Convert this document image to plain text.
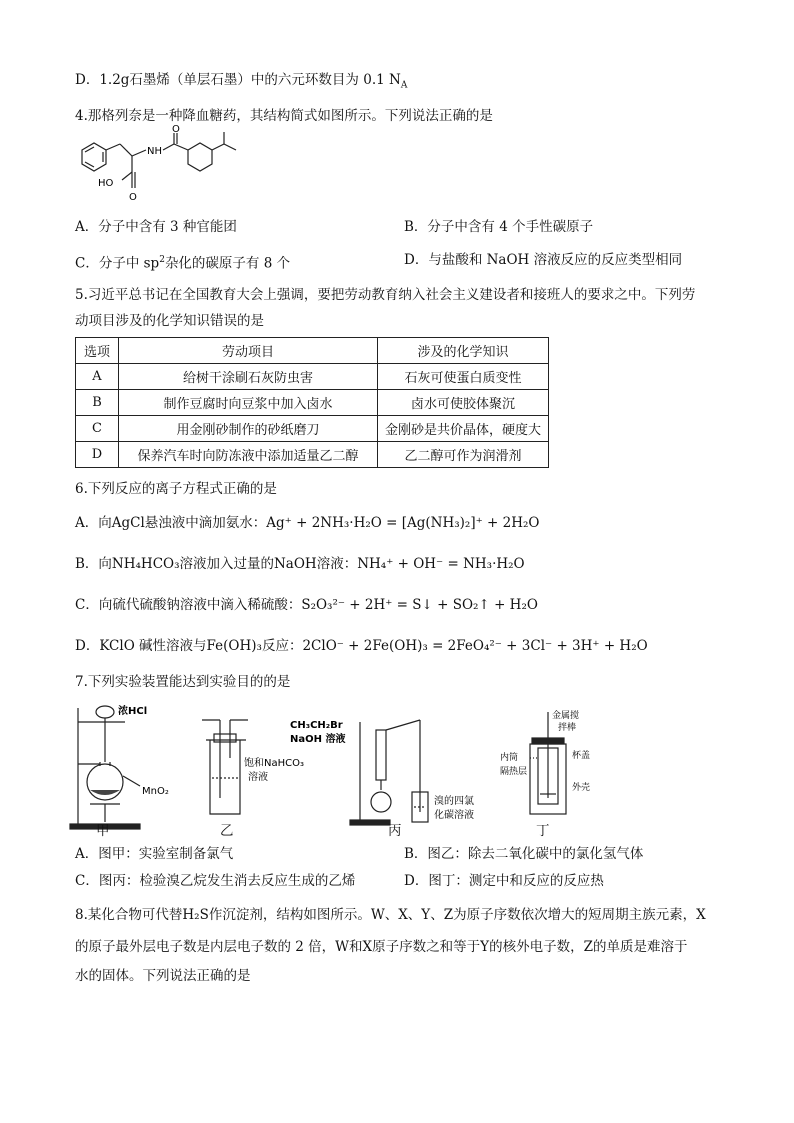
D．1.2g石墨烯（单层石墨）中的六元环数目为 0.1 $N_A$
4.那格列奈是一种降血糖药，其结构简式如图所示。下列说法正确的是
O
NH
HO
O
A．分子中含有 3 种官能团	B．分子中含有 4 个手性碳原子
C．分子中 $sp^2$杂化的碳原子有 8 个	D．与盐酸和 NaOH 溶液反应的反应类型相同
5.习近平总书记在全国教育大会上强调，要把劳动教育纳入社会主义建设者和接班人的要求之中。下列劳
动项目涉及的化学知识错误的是
选项	劳动项目	涉及的化学知识
A	给树干涂刷石灰防虫害	石灰可使蛋白质变性
B	制作豆腐时向豆浆中加入卤水	卤水可使胶体聚沉
C	用金刚砂制作的砂纸磨刀	金刚砂是共价晶体，硬度大
D	保养汽车时向防冻液中添加适量乙二醇	乙二醇可作为润滑剂
6.下列反应的离子方程式正确的是
A．向AgCl悬浊液中滴加氨水：Ag⁺ + 2NH₃·H₂O = [Ag(NH₃)₂]⁺ + 2H₂O
B．向NH₄HCO₃溶液加入过量的NaOH溶液：NH₄⁺ + OH⁻ = NH₃·H₂O
C．向硫代硫酸钠溶液中滴入稀硫酸：S₂O₃²⁻ + 2H⁺ = S↓ + SO₂↑ + H₂O
D．KClO 碱性溶液与Fe(OH)₃反应：2ClO⁻ + 2Fe(OH)₃ = 2FeO₄²⁻ + 3Cl⁻ + 3H⁺ + H₂O
7.下列实验装置能达到实验目的的是
浓HCl
MnO₂
饱和NaHCO₃
溶液
CH₃CH₂Br
NaOH 溶液
溴的四氯
化碳溶液
金属搅
拌棒
内筒	杯盖
隔热层
外壳
甲	乙	丙	丁
A．图甲：实验室制备氯气	B．图乙：除去二氧化碳中的氯化氢气体
C．图丙：检验溴乙烷发生消去反应生成的乙烯	D．图丁：测定中和反应的反应热
8.某化合物可代替H₂S作沉淀剂，结构如图所示。W、X、Y、Z为原子序数依次增大的短周期主族元素，X
的原子最外层电子数是内层电子数的 2 倍，W和X原子序数之和等于Y的核外电子数，Z的单质是难溶于
水的固体。下列说法正确的是
